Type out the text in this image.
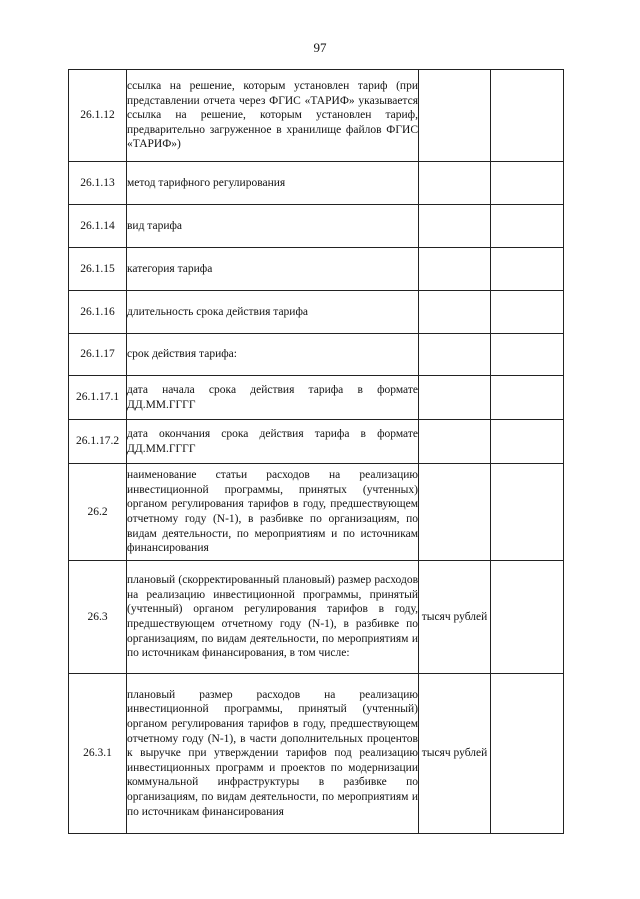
97
26.1.12	ссылка на решение, которым установлен тариф (при представлении отчета через ФГИС «ТАРИФ» указывается ссылка на решение, которым установлен тариф, предварительно загруженное в хранилище файлов ФГИС «ТАРИФ»)		
26.1.13	метод тарифного регулирования		
26.1.14	вид тарифа		
26.1.15	категория тарифа		
26.1.16	длительность срока действия тарифа		
26.1.17	срок действия тарифа:		
26.1.17.1	дата начала срока действия тарифа в формате ДД.ММ.ГГГГ		
26.1.17.2	дата окончания срока действия тарифа в формате ДД.ММ.ГГГГ		
26.2	наименование статьи расходов на реализацию инвестиционной программы, принятых (учтенных) органом регулирования тарифов в году, предшествующем отчетному году (N-1), в разбивке по организациям, по видам деятельности, по мероприятиям и по источникам финансирования		
26.3	плановый (скорректированный плановый) размер расходов на реализацию инвестиционной программы, принятый (учтенный) органом регулирования тарифов в году, предшествующем отчетному году (N-1), в разбивке по организациям, по видам деятельности, по мероприятиям и по источникам финансирования, в том числе:	тысяч рублей	
26.3.1	плановый размер расходов на реализацию инвестиционной программы, принятый (учтенный) органом регулирования тарифов в году, предшествующем отчетному году (N-1), в части дополнительных процентов к выручке при утверждении тарифов под реализацию инвестиционных программ и проектов по модернизации коммунальной инфраструктуры в разбивке по организациям, по видам деятельности, по мероприятиям и по источникам финансирования	тысяч рублей	
